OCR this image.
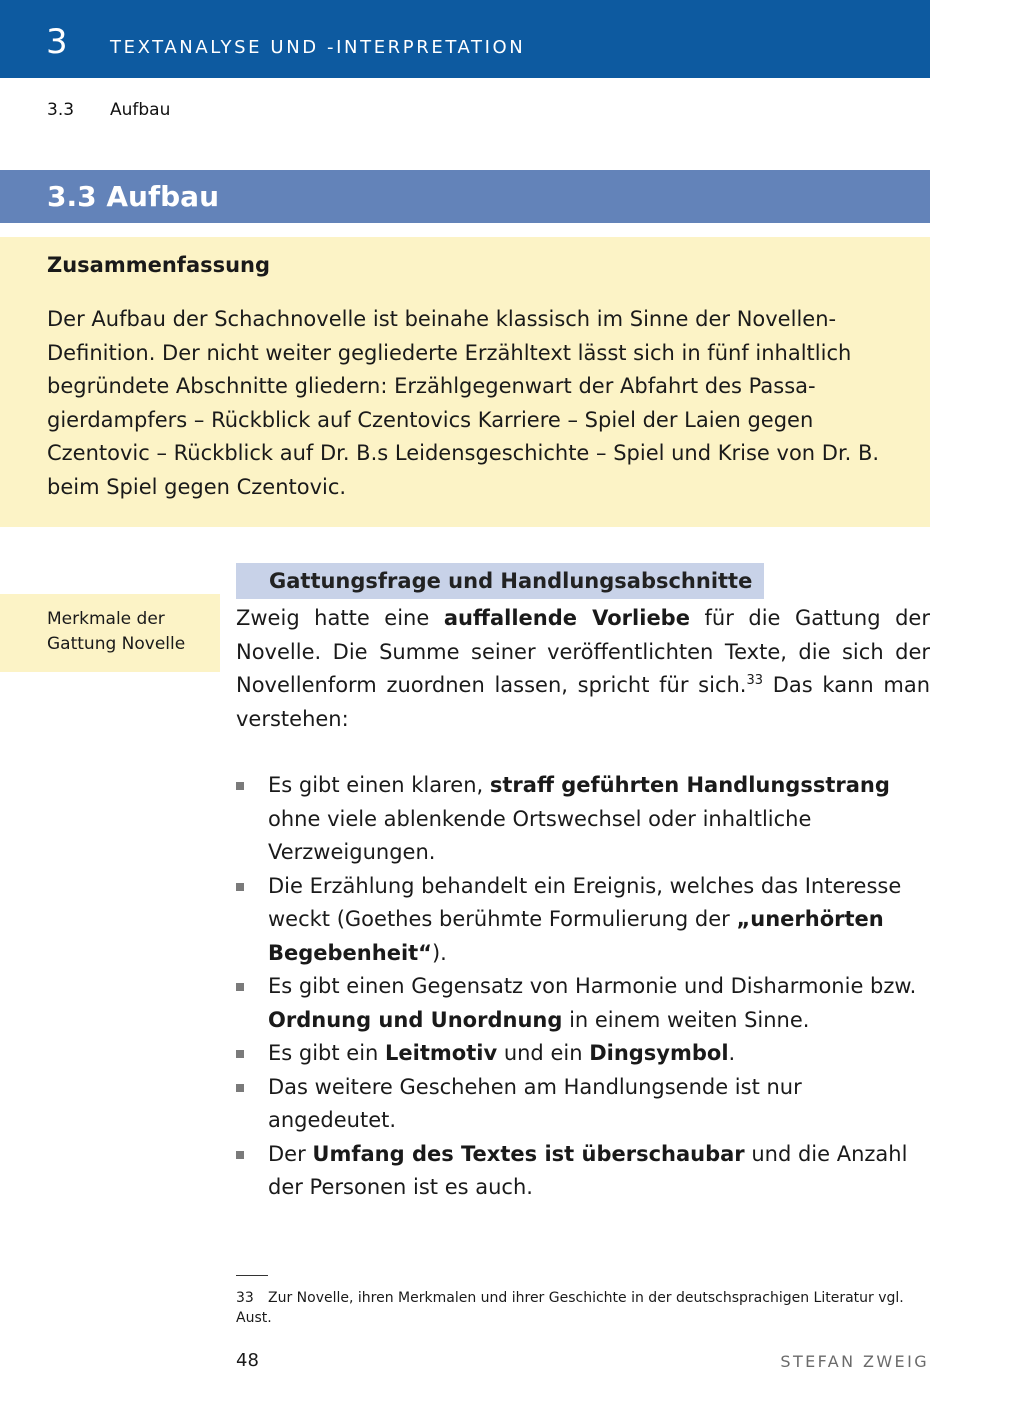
3 TEXTANALYSE UND -INTERPRETATION
3.3 Aufbau
3.3 Aufbau
Zusammenfassung
Der Aufbau der Schachnovelle ist beinahe klassisch im Sinne der Novellen-
Definition. Der nicht weiter gegliederte Erzähltext lässt sich in fünf inhaltlich
begründete Abschnitte gliedern: Erzählgegenwart der Abfahrt des Passa-
gierdampfers – Rückblick auf Czentovics Karriere – Spiel der Laien gegen
Czentovic – Rückblick auf Dr. B.s Leidensgeschichte – Spiel und Krise von Dr. B.
beim Spiel gegen Czentovic.
Merkmale der
Gattung Novelle
Gattungsfrage und Handlungsabschnitte
Zweig hatte eine auffallende Vorliebe für die Gattung der Novelle. Die Summe seiner veröffentlichten Texte, die sich der Novellenform zuordnen lassen, spricht für sich.$^{33}$ Das kann man verstehen:
Es gibt einen klaren, straff geführten Handlungsstrang ohne viele ablenkende Ortswechsel oder inhaltliche Verzweigungen.
Die Erzählung behandelt ein Ereignis, welches das Interesse weckt (Goethes berühmte Formulierung der „unerhörten Begebenheit“).
Es gibt einen Gegensatz von Harmonie und Disharmonie bzw. Ordnung und Unordnung in einem weiten Sinne.
Es gibt ein Leitmotiv und ein Dingsymbol.
Das weitere Geschehen am Handlungsende ist nur angedeutet.
Der Umfang des Textes ist überschaubar und die Anzahl der Personen ist es auch.
33 Zur Novelle, ihren Merkmalen und ihrer Geschichte in der deutschsprachigen Literatur vgl. Aust.
48	STEFAN ZWEIG
